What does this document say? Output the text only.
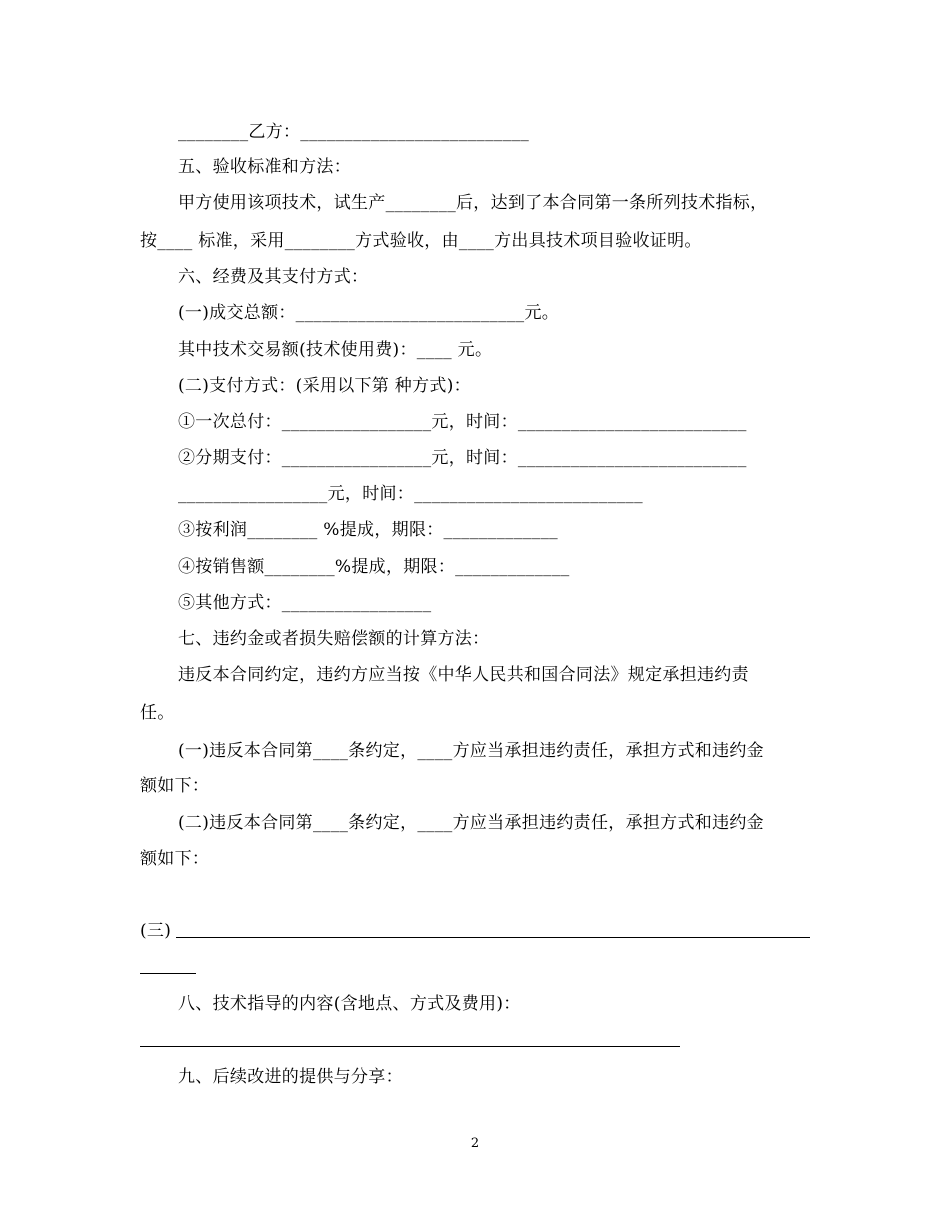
________乙方：__________________________
五、验收标准和方法：
甲方使用该项技术，试生产________后，达到了本合同第一条所列技术指标，
按____ 标准，采用________方式验收，由____方出具技术项目验收证明。
六、经费及其支付方式：
(一)成交总额：__________________________元。
其中技术交易额(技术使用费)：____ 元。
(二)支付方式：(采用以下第 种方式)：
①一次总付：_________________元，时间：__________________________
②分期支付：_________________元，时间：__________________________
_________________元，时间：__________________________
③按利润________ %提成，期限：_____________
④按销售额________%提成，期限：_____________
⑤其他方式：_________________
七、违约金或者损失赔偿额的计算方法：
违反本合同约定，违约方应当按《中华人民共和国合同法》规定承担违约责
任。
(一)违反本合同第____条约定，____方应当承担违约责任，承担方式和违约金
额如下：
(二)违反本合同第____条约定，____方应当承担违约责任，承担方式和违约金
额如下：
(三)
八、技术指导的内容(含地点、方式及费用)：
九、后续改进的提供与分享：
2
